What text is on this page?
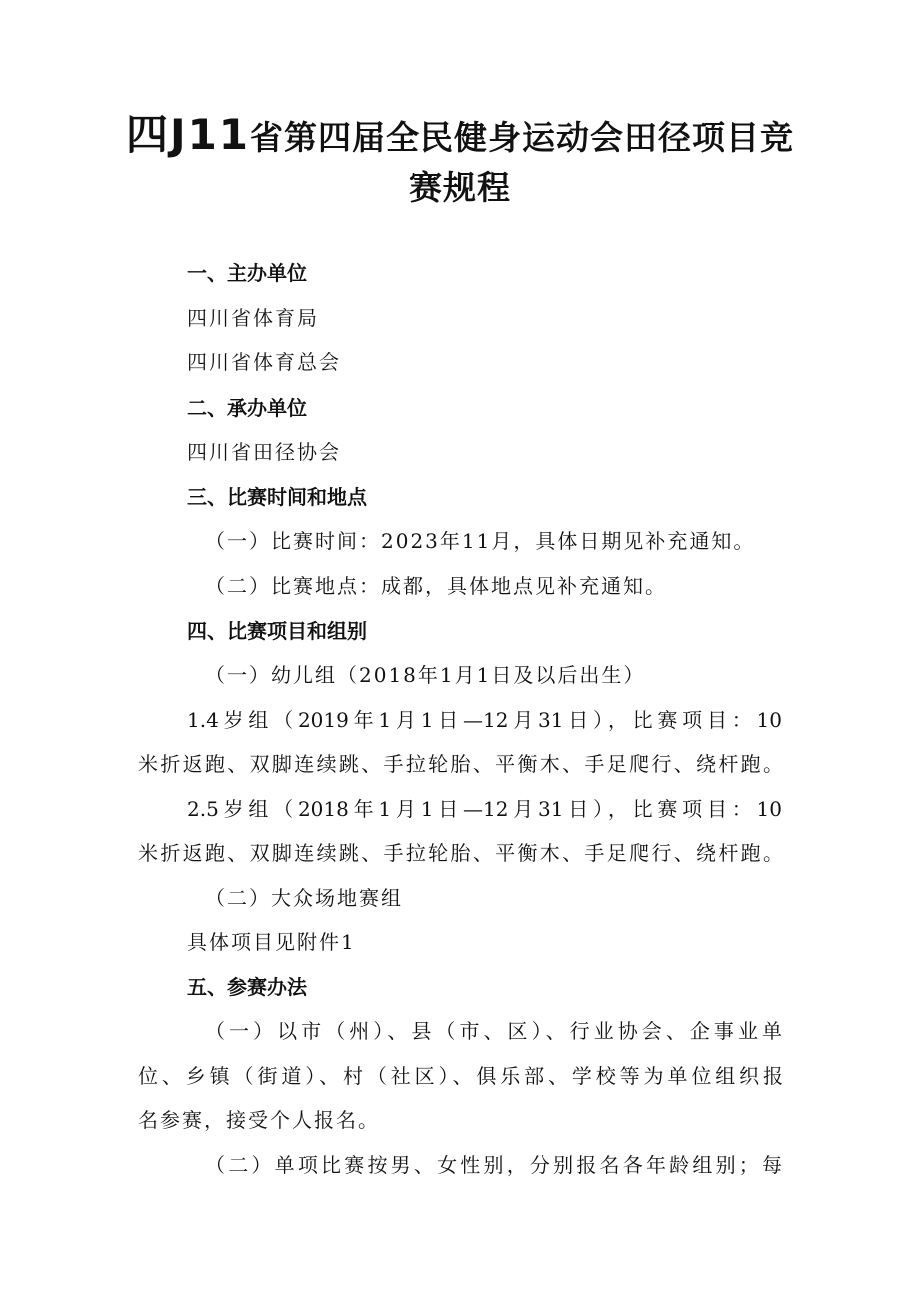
四J11省第四届全民健身运动会田径项目竞
赛规程
一、主办单位
四川省体育局
四川省体育总会
二、承办单位
四川省田径协会
三、比赛时间和地点
（一）比赛时间：2023年11月，具体日期见补充通知。
（二）比赛地点：成都，具体地点见补充通知。
四、比赛项目和组别
（一）幼儿组（2018年1月1日及以后出生）
1.4岁组（2019年1月1日—12月31日），比赛项目：10
米折返跑、双脚连续跳、手拉轮胎、平衡木、手足爬行、绕杆跑。
2.5岁组（2018年1月1日—12月31日），比赛项目：10
米折返跑、双脚连续跳、手拉轮胎、平衡木、手足爬行、绕杆跑。
（二）大众场地赛组
具体项目见附件1
五、参赛办法
（一）以市（州）、县（市、区）、行业协会、企事业单
位、乡镇（街道）、村（社区）、俱乐部、学校等为单位组织报
名参赛，接受个人报名。
（二）单项比赛按男、女性别，分别报名各年龄组别；每
